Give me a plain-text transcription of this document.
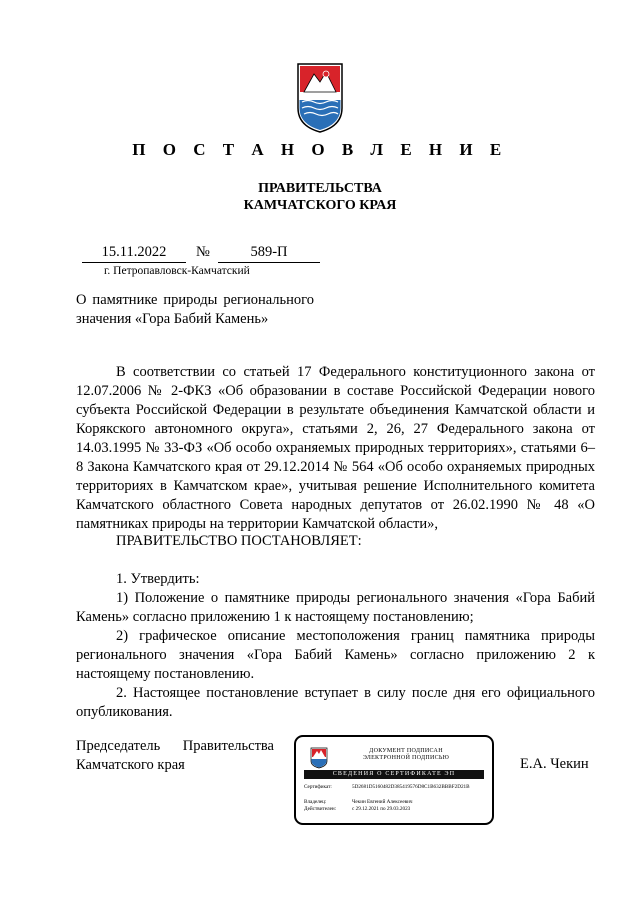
П О С Т А Н О В Л Е Н И Е
ПРАВИТЕЛЬСТВА
КАМЧАТСКОГО КРАЯ
15.11.2022	№	589-П
г. Петропавловск-Камчатский
О памятнике природы регионального значения «Гора Бабий Камень»

В соответствии со статьей 17 Федерального конституционного закона от 12.07.2006 № 2-ФКЗ «Об образовании в составе Российской Федерации нового субъекта Российской Федерации в результате объединения Камчатской области и Корякского автономного округа», статьями 2, 26, 27 Федерального закона от 14.03.1995 № 33-ФЗ «Об особо охраняемых природных территориях», статьями 6–8 Закона Камчатского края от 29.12.2014 № 564 «Об особо охраняемых природных территориях в Камчатском крае», учитывая решение Исполнительного комитета Камчатского областного Совета народных депутатов от 26.02.1990 № 48 «О памятниках природы на территории Камчатской области»,

ПРАВИТЕЛЬСТВО ПОСТАНОВЛЯЕТ:

1. Утвердить:

1) Положение о памятнике природы регионального значения «Гора Бабий Камень» согласно приложению 1 к настоящему постановлению;

2) графическое описание местоположения границ памятника природы регионального значения «Гора Бабий Камень» согласно приложению 2 к настоящему постановлению.

2. Настоящее постановление вступает в силу после дня его официального опубликования.

Председатель Правительства
Камчатского края
ДОКУМЕНТ ПОДПИСАН
ЭЛЕКТРОННОЙ ПОДПИСЬЮ
СВЕДЕНИЯ О СЕРТИФИКАТЕ ЭП
Сертификат:	5D2681D5160482D385419576D8C1B632BBBF2D21B
Владелец:	Чекин Евгений Алексеевич
Действителен:	с 29.12.2021 по 29.03.2023
Е.А. Чекин
